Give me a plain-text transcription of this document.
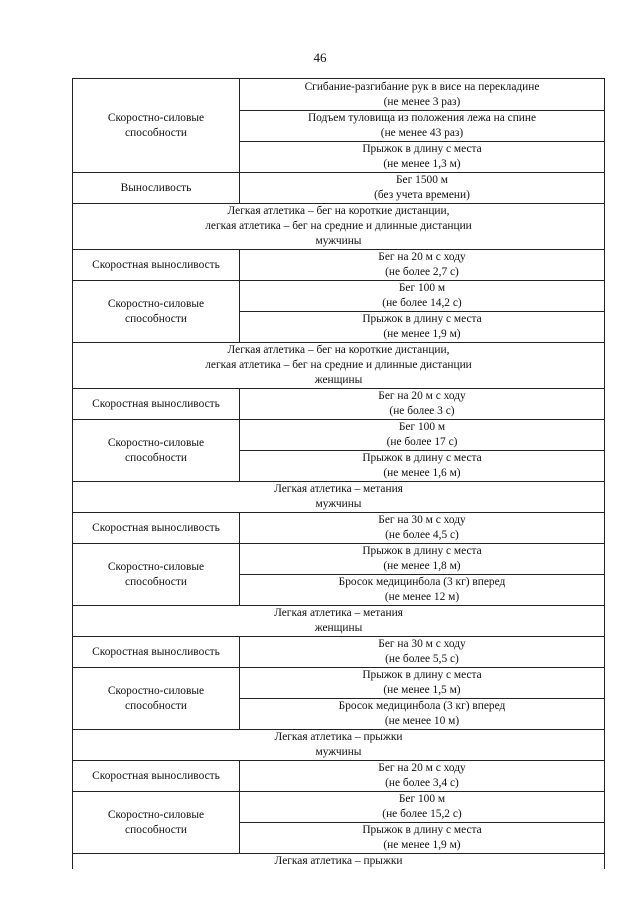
46
Скоростно-силовые
способности	Сгибание-разгибание рук в висе на перекладине
(не менее 3 раз)
	Подъем туловища из положения лежа на спине
(не менее 43 раз)
	Прыжок в длину с места
(не менее 1,3 м)
Выносливость	Бег 1500 м
(без учета времени)
Легкая атлетика – бег на короткие дистанции,
легкая атлетика – бег на средние и длинные дистанции
мужчины	
Скоростная выносливость	Бег на 20 м с ходу
(не более 2,7 с)
Скоростно-силовые
способности	Бег 100 м
(не более 14,2 с)
	Прыжок в длину с места
(не менее 1,9 м)
Легкая атлетика – бег на короткие дистанции,
легкая атлетика – бег на средние и длинные дистанции
женщины	
Скоростная выносливость	Бег на 20 м с ходу
(не более 3 с)
Скоростно-силовые
способности	Бег 100 м
(не более 17 с)
	Прыжок в длину с места
(не менее 1,6 м)
Легкая атлетика – метания
мужчины	
Скоростная выносливость	Бег на 30 м с ходу
(не более 4,5 с)
Скоростно-силовые
способности	Прыжок в длину с места
(не менее 1,8 м)
	Бросок медицинбола (3 кг) вперед
(не менее 12 м)
Легкая атлетика – метания
женщины	
Скоростная выносливость	Бег на 30 м с ходу
(не более 5,5 с)
Скоростно-силовые
способности	Прыжок в длину с места
(не менее 1,5 м)
	Бросок медицинбола (3 кг) вперед
(не менее 10 м)
Легкая атлетика – прыжки
мужчины	
Скоростная выносливость	Бег на 20 м с ходу
(не более 3,4 с)
Скоростно-силовые
способности	Бег 100 м
(не более 15,2 с)
	Прыжок в длину с места
(не менее 1,9 м)
Легкая атлетика – прыжки	
